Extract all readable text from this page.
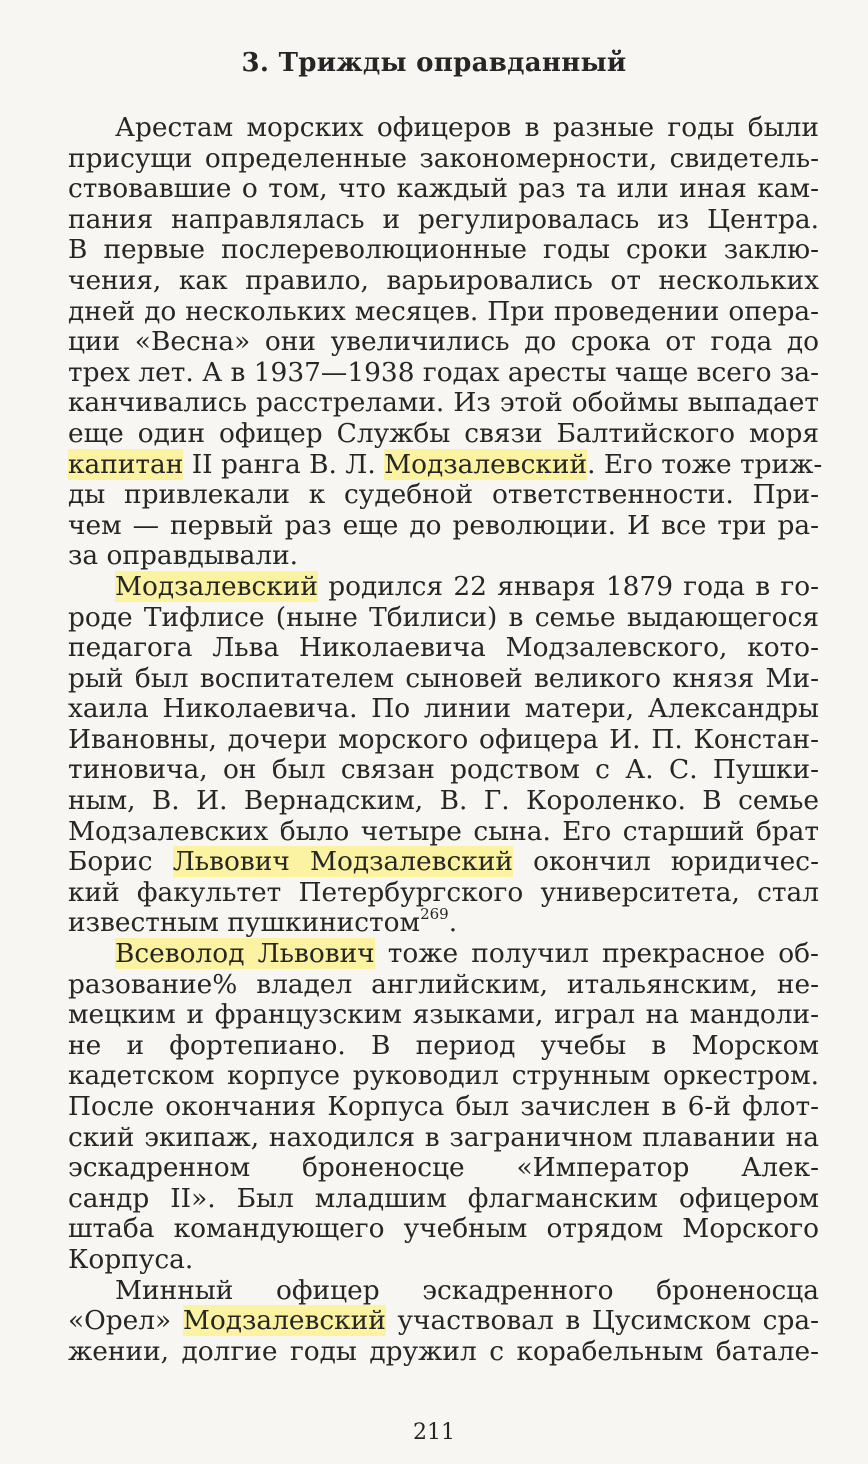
3. Трижды оправданный
Арестам морских офицеров в разные годы были
присущи определенные закономерности, свидетель-
ствовавшие о том, что каждый раз та или иная кам-
пания направлялась и регулировалась из Центра.
В первые послереволюционные годы сроки заклю-
чения, как правило, варьировались от нескольких
дней до нескольких месяцев. При проведении опера-
ции «Весна» они увеличились до срока от года до
трех лет. А в 1937—1938 годах аресты чаще всего за-
канчивались расстрелами. Из этой обоймы выпадает
еще один офицер Службы связи Балтийского моря
капитан II ранга В. Л. Модзалевский. Его тоже триж-
ды привлекали к судебной ответственности. При-
чем — первый раз еще до революции. И все три ра-
за оправдывали.
Модзалевский родился 22 января 1879 года в го-
роде Тифлисе (ныне Тбилиси) в семье выдающегося
педагога Льва Николаевича Модзалевского, кото-
рый был воспитателем сыновей великого князя Ми-
хаила Николаевича. По линии матери, Александры
Ивановны, дочери морского офицера И. П. Констан-
тиновича, он был связан родством с А. С. Пушки-
ным, В. И. Вернадским, В. Г. Короленко. В семье
Модзалевских было четыре сына. Его старший брат
Борис Львович Модзалевский окончил юридичес-
кий факультет Петербургского университета, стал
известным пушкинистом$^{269}$.
Всеволод Львович тоже получил прекрасное об-
разование% владел английским, итальянским, не-
мецким и французским языками, играл на мандоли-
не и фортепиано. В период учебы в Морском
кадетском корпусе руководил струнным оркестром.
После окончания Корпуса был зачислен в 6-й флот-
ский экипаж, находился в заграничном плавании на
эскадренном броненосце «Император Алек-
сандр II». Был младшим флагманским офицером
штаба командующего учебным отрядом Морского
Корпуса.
Минный офицер эскадренного броненосца
«Орел» Модзалевский участвовал в Цусимском сра-
жении, долгие годы дружил с корабельным батале-
211
